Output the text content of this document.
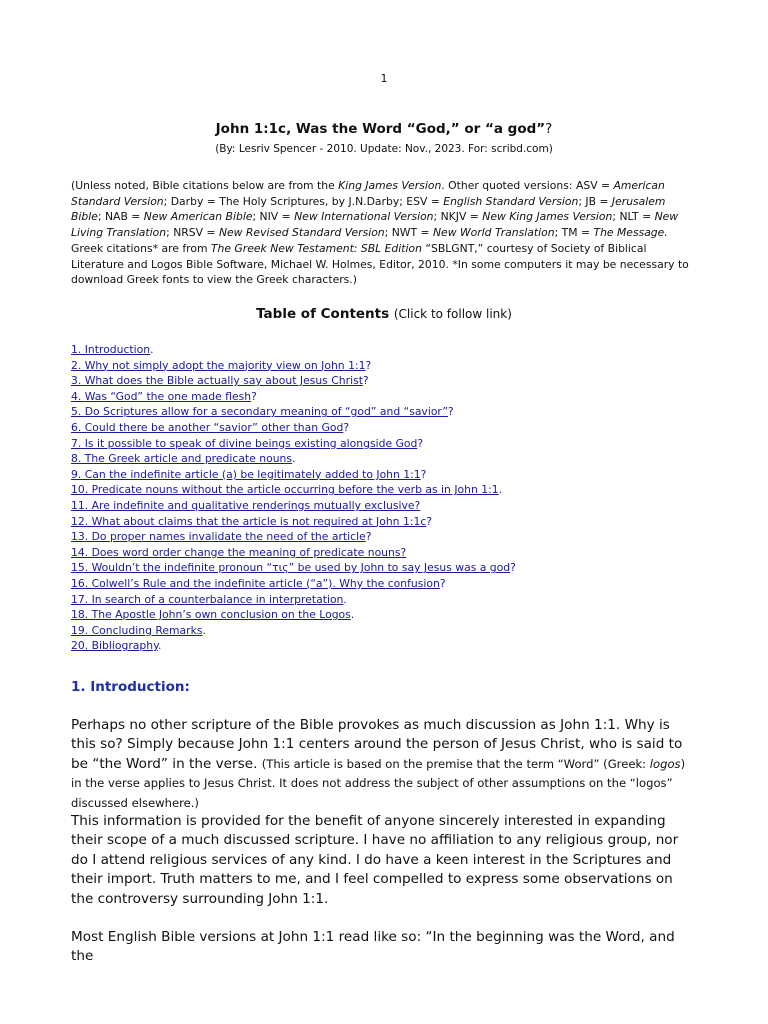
1
John 1:1c, Was the Word “God,” or “a god”?
(By: Lesriv Spencer - 2010. Update: Nov., 2023. For: scribd.com)
(Unless noted, Bible citations below are from the King James Version. Other quoted versions: ASV = American Standard Version; Darby = The Holy Scriptures, by J.N.Darby; ESV = English Standard Version; JB = Jerusalem Bible; NAB = New American Bible; NIV = New International Version; NKJV = New King James Version; NLT = New Living Translation; NRSV = New Revised Standard Version; NWT = New World Translation; TM = The Message. Greek citations* are from The Greek New Testament: SBL Edition “SBLGNT,” courtesy of Society of Biblical Literature and Logos Bible Software, Michael W. Holmes, Editor, 2010. *In some computers it may be necessary to download Greek fonts to view the Greek characters.)
Table of Contents (Click to follow link)
1. Introduction.
2. Why not simply adopt the majority view on John 1:1?
3. What does the Bible actually say about Jesus Christ?
4. Was “God” the one made flesh?
5. Do Scriptures allow for a secondary meaning of “god” and “savior”?
6. Could there be another “savior” other than God?
7. Is it possible to speak of divine beings existing alongside God?
8. The Greek article and predicate nouns.
9. Can the indefinite article (a) be legitimately added to John 1:1?
10. Predicate nouns without the article occurring before the verb as in John 1:1.
11. Are indefinite and qualitative renderings mutually exclusive?
12. What about claims that the article is not required at John 1:1c?
13. Do proper names invalidate the need of the article?
14. Does word order change the meaning of predicate nouns?
15. Wouldn’t the indefinite pronoun “τις” be used by John to say Jesus was a god?
16. Colwell’s Rule and the indefinite article (“a”). Why the confusion?
17. In search of a counterbalance in interpretation.
18. The Apostle John’s own conclusion on the Logos.
19. Concluding Remarks.
20. Bibliography.
1. Introduction:
Perhaps no other scripture of the Bible provokes as much discussion as John 1:1. Why is this so? Simply because John 1:1 centers around the person of Jesus Christ, who is said to be “the Word” in the verse. (This article is based on the premise that the term “Word” (Greek: logos) in the verse applies to Jesus Christ. It does not address the subject of other assumptions on the “logos” discussed elsewhere.)
This information is provided for the benefit of anyone sincerely interested in expanding their scope of a much discussed scripture. I have no affiliation to any religious group, nor do I attend religious services of any kind. I do have a keen interest in the Scriptures and their import. Truth matters to me, and I feel compelled to express some observations on the controversy surrounding John 1:1.
Most English Bible versions at John 1:1 read like so: “In the beginning was the Word, and the
